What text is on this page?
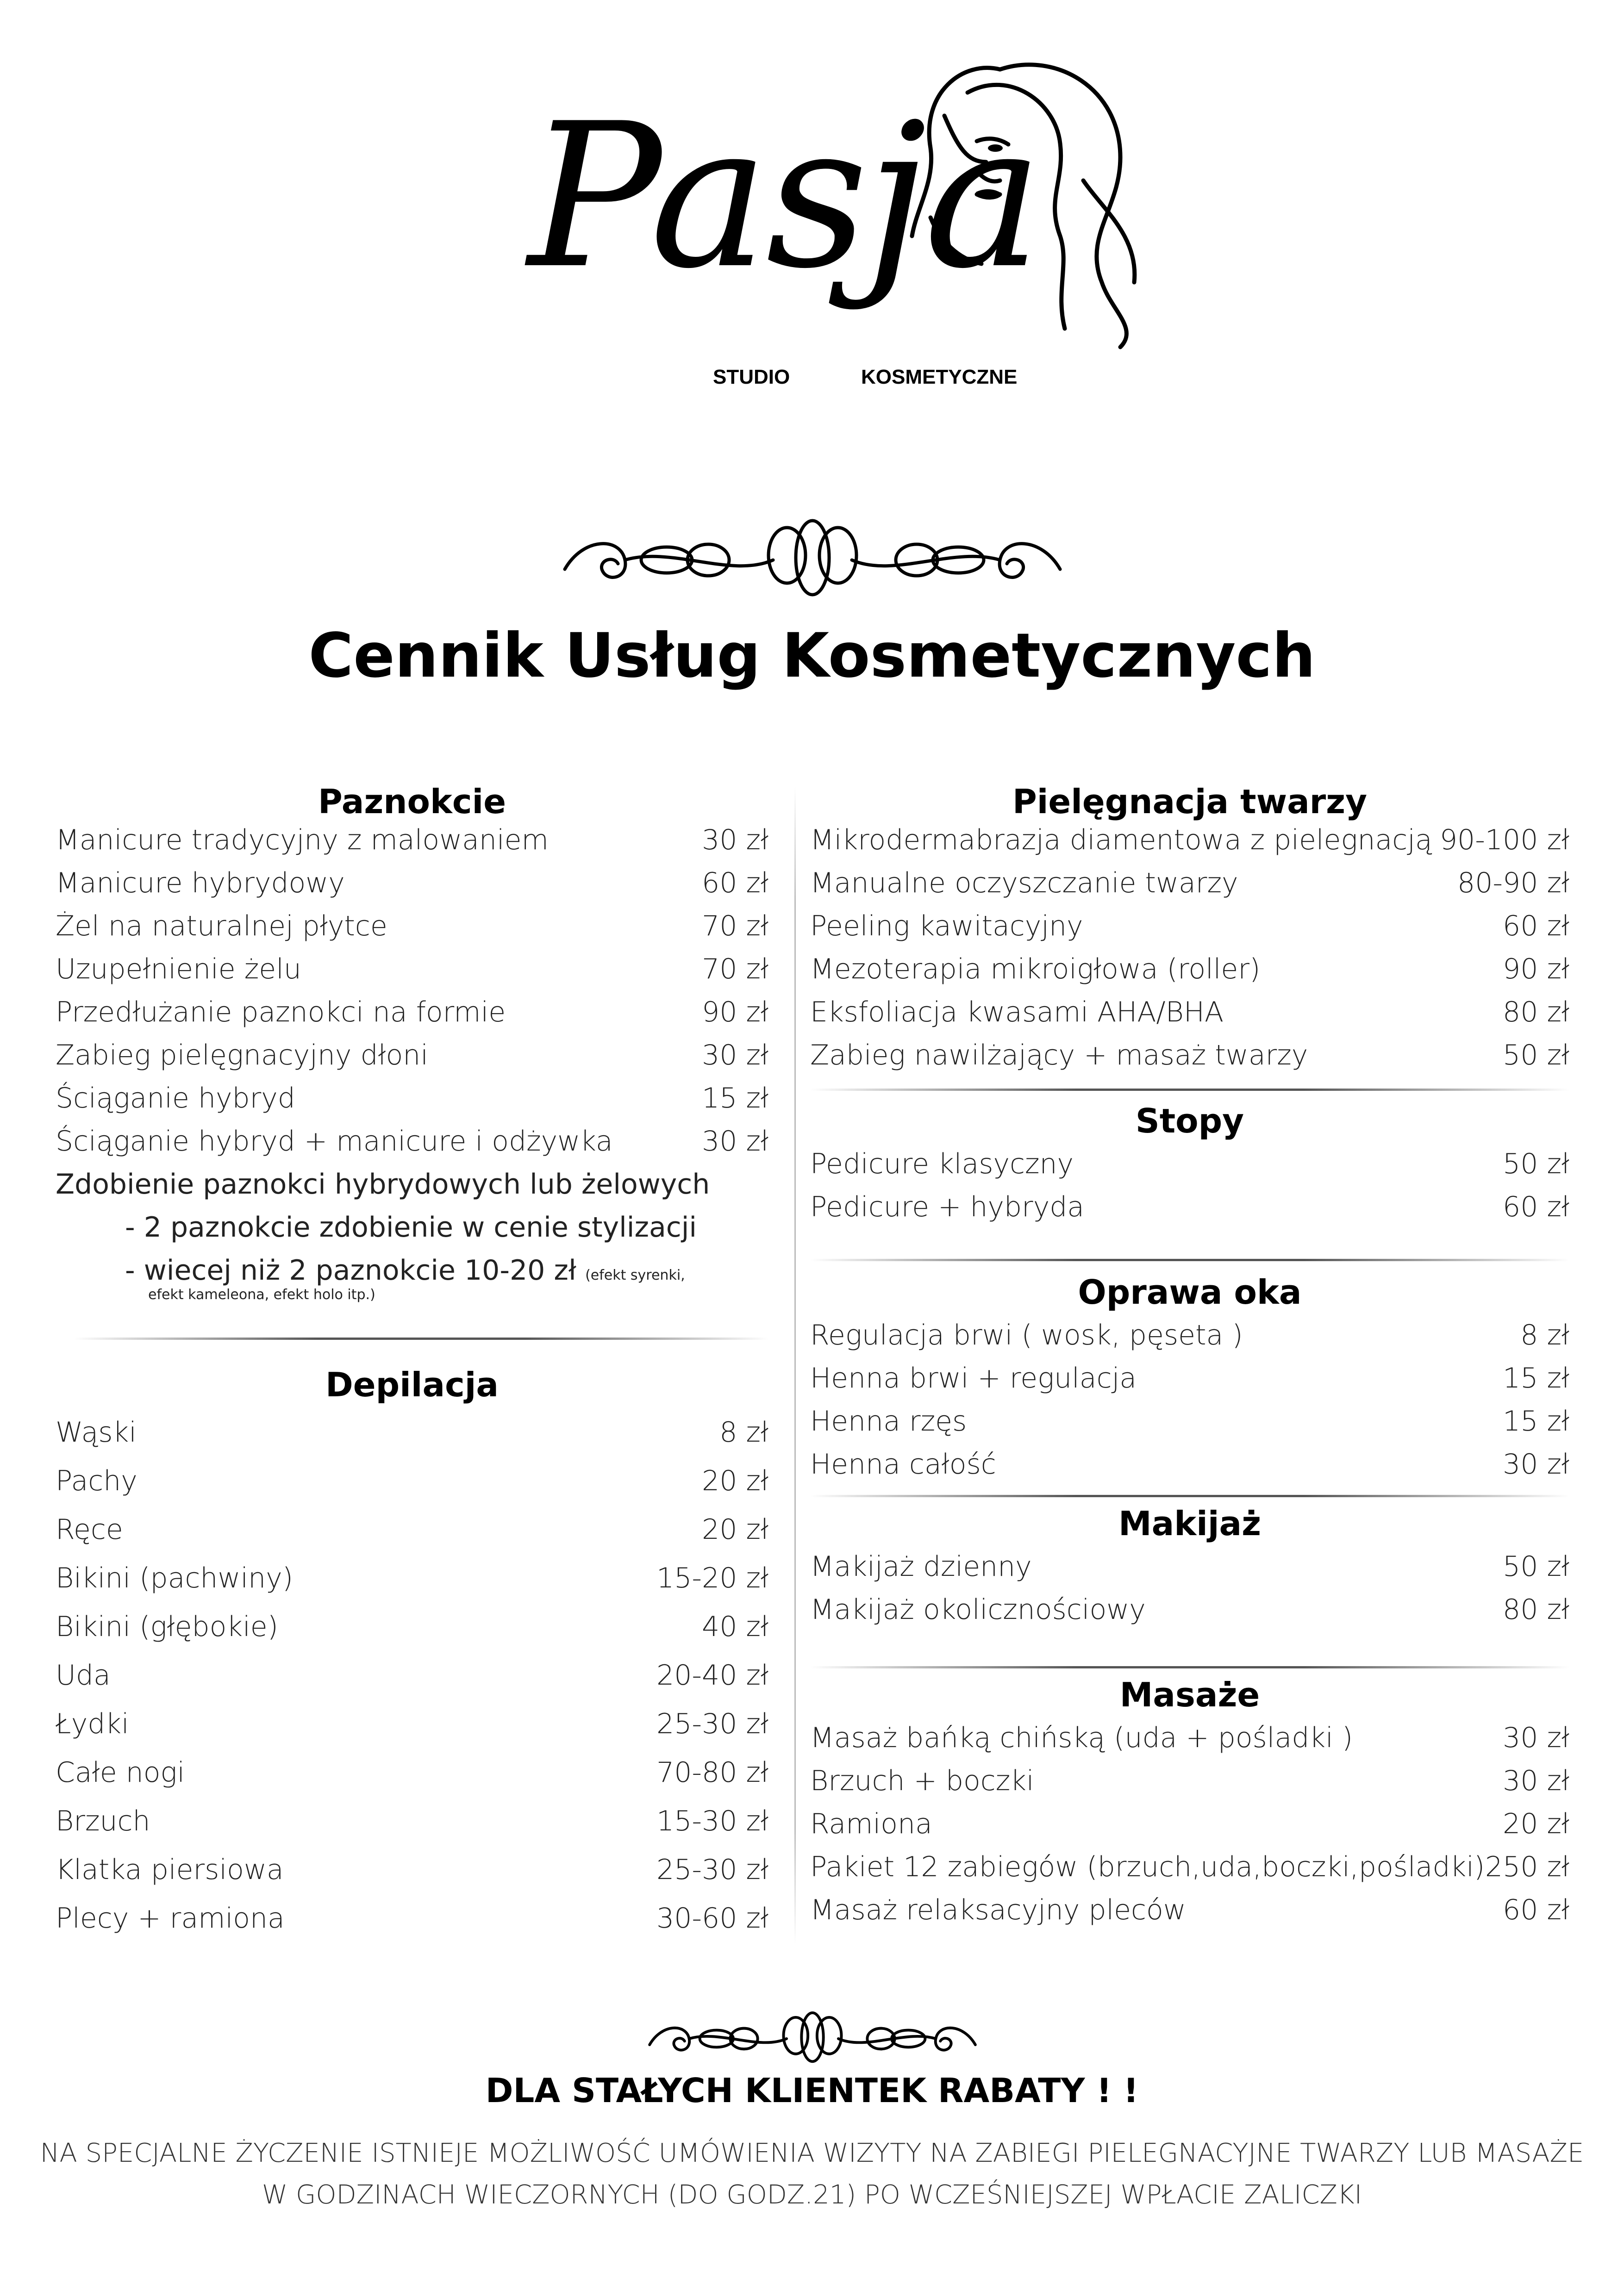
Pasja
STUDIO	KOSMETYCZNE
Cennik Usług Kosmetycznych
Paznokcie
Manicure tradycyjny z malowaniem	30 zł
Manicure hybrydowy	60 zł
Żel na naturalnej płytce	70 zł
Uzupełnienie żelu	70 zł
Przedłużanie paznokci na formie	90 zł
Zabieg pielęgnacyjny dłoni	30 zł
Ściąganie hybryd	15 zł
Ściąganie hybryd + manicure i odżywka	30 zł
Zdobienie paznokci hybrydowych lub żelowych
- 2 paznokcie zdobienie w cenie stylizacji
- wiecej niż 2 paznokcie 10-20 zł (efekt syrenki,
efekt kameleona, efekt holo itp.)
Depilacja
Wąski	8 zł
Pachy	20 zł
Ręce	20 zł
Bikini (pachwiny)	15-20 zł
Bikini (głębokie)	40 zł
Uda	20-40 zł
Łydki	25-30 zł
Całe nogi	70-80 zł
Brzuch	15-30 zł
Klatka piersiowa	25-30 zł
Plecy + ramiona	30-60 zł
Pielęgnacja twarzy
Mikrodermabrazja diamentowa z pielegnacją 90-100 zł
Manualne oczyszczanie twarzy	80-90 zł
Peeling kawitacyjny	60 zł
Mezoterapia mikroigłowa (roller)	90 zł
Eksfoliacja kwasami AHA/BHA	80 zł
Zabieg nawilżający + masaż twarzy	50 zł
Stopy
Pedicure klasyczny	50 zł
Pedicure + hybryda	60 zł
Oprawa oka
Regulacja brwi ( wosk, pęseta )	8 zł
Henna brwi + regulacja	15 zł
Henna rzęs	15 zł
Henna całość	30 zł
Makijaż
Makijaż dzienny	50 zł
Makijaż okolicznościowy	80 zł
Masaże
Masaż bańką chińską (uda + pośladki )	30 zł
Brzuch + boczki	30 zł
Ramiona	20 zł
Pakiet 12 zabiegów (brzuch,uda,boczki,pośladki) 250 zł
Masaż relaksacyjny pleców	60 zł
DLA STAŁYCH KLIENTEK RABATY ! !
NA SPECJALNE ŻYCZENIE ISTNIEJE MOŻLIWOŚĆ UMÓWIENIA WIZYTY NA ZABIEGI PIELEGNACYJNE TWARZY LUB MASAŻE
W GODZINACH WIECZORNYCH (DO GODZ.21) PO WCZEŚNIEJSZEJ WPŁACIE ZALICZKI
